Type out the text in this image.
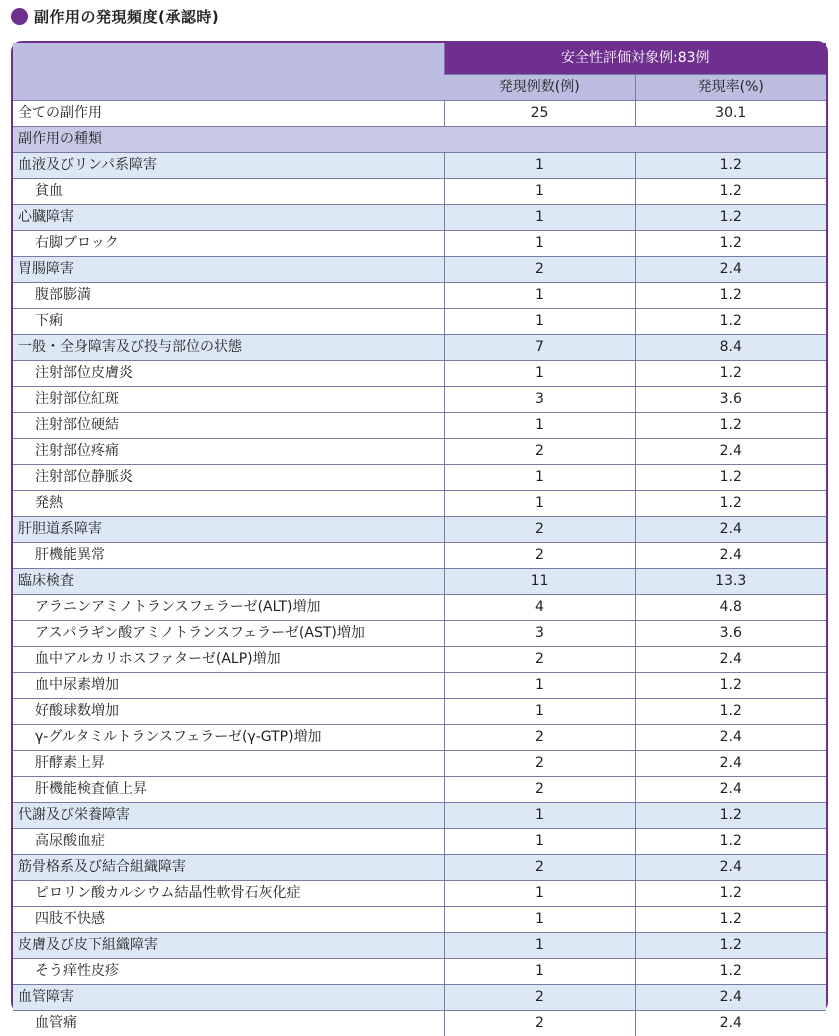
副作用の発現頻度(承認時)
	安全性評価対象例:83例	
	発現例数(例)	発現率(%)
全ての副作用	25	30.1
副作用の種類		
血液及びリンパ系障害	1	1.2
貧血	1	1.2
心臓障害	1	1.2
右脚ブロック	1	1.2
胃腸障害	2	2.4
腹部膨満	1	1.2
下痢	1	1.2
一般・全身障害及び投与部位の状態	7	8.4
注射部位皮膚炎	1	1.2
注射部位紅斑	3	3.6
注射部位硬結	1	1.2
注射部位疼痛	2	2.4
注射部位静脈炎	1	1.2
発熱	1	1.2
肝胆道系障害	2	2.4
肝機能異常	2	2.4
臨床検査	11	13.3
アラニンアミノトランスフェラーゼ(ALT)増加	4	4.8
アスパラギン酸アミノトランスフェラーゼ(AST)増加	3	3.6
血中アルカリホスファターゼ(ALP)増加	2	2.4
血中尿素増加	1	1.2
好酸球数増加	1	1.2
γ-グルタミルトランスフェラーゼ(γ-GTP)増加	2	2.4
肝酵素上昇	2	2.4
肝機能検査値上昇	2	2.4
代謝及び栄養障害	1	1.2
高尿酸血症	1	1.2
筋骨格系及び結合組織障害	2	2.4
ピロリン酸カルシウム結晶性軟骨石灰化症	1	1.2
四肢不快感	1	1.2
皮膚及び皮下組織障害	1	1.2
そう痒性皮疹	1	1.2
血管障害	2	2.4
血管痛	2	2.4
